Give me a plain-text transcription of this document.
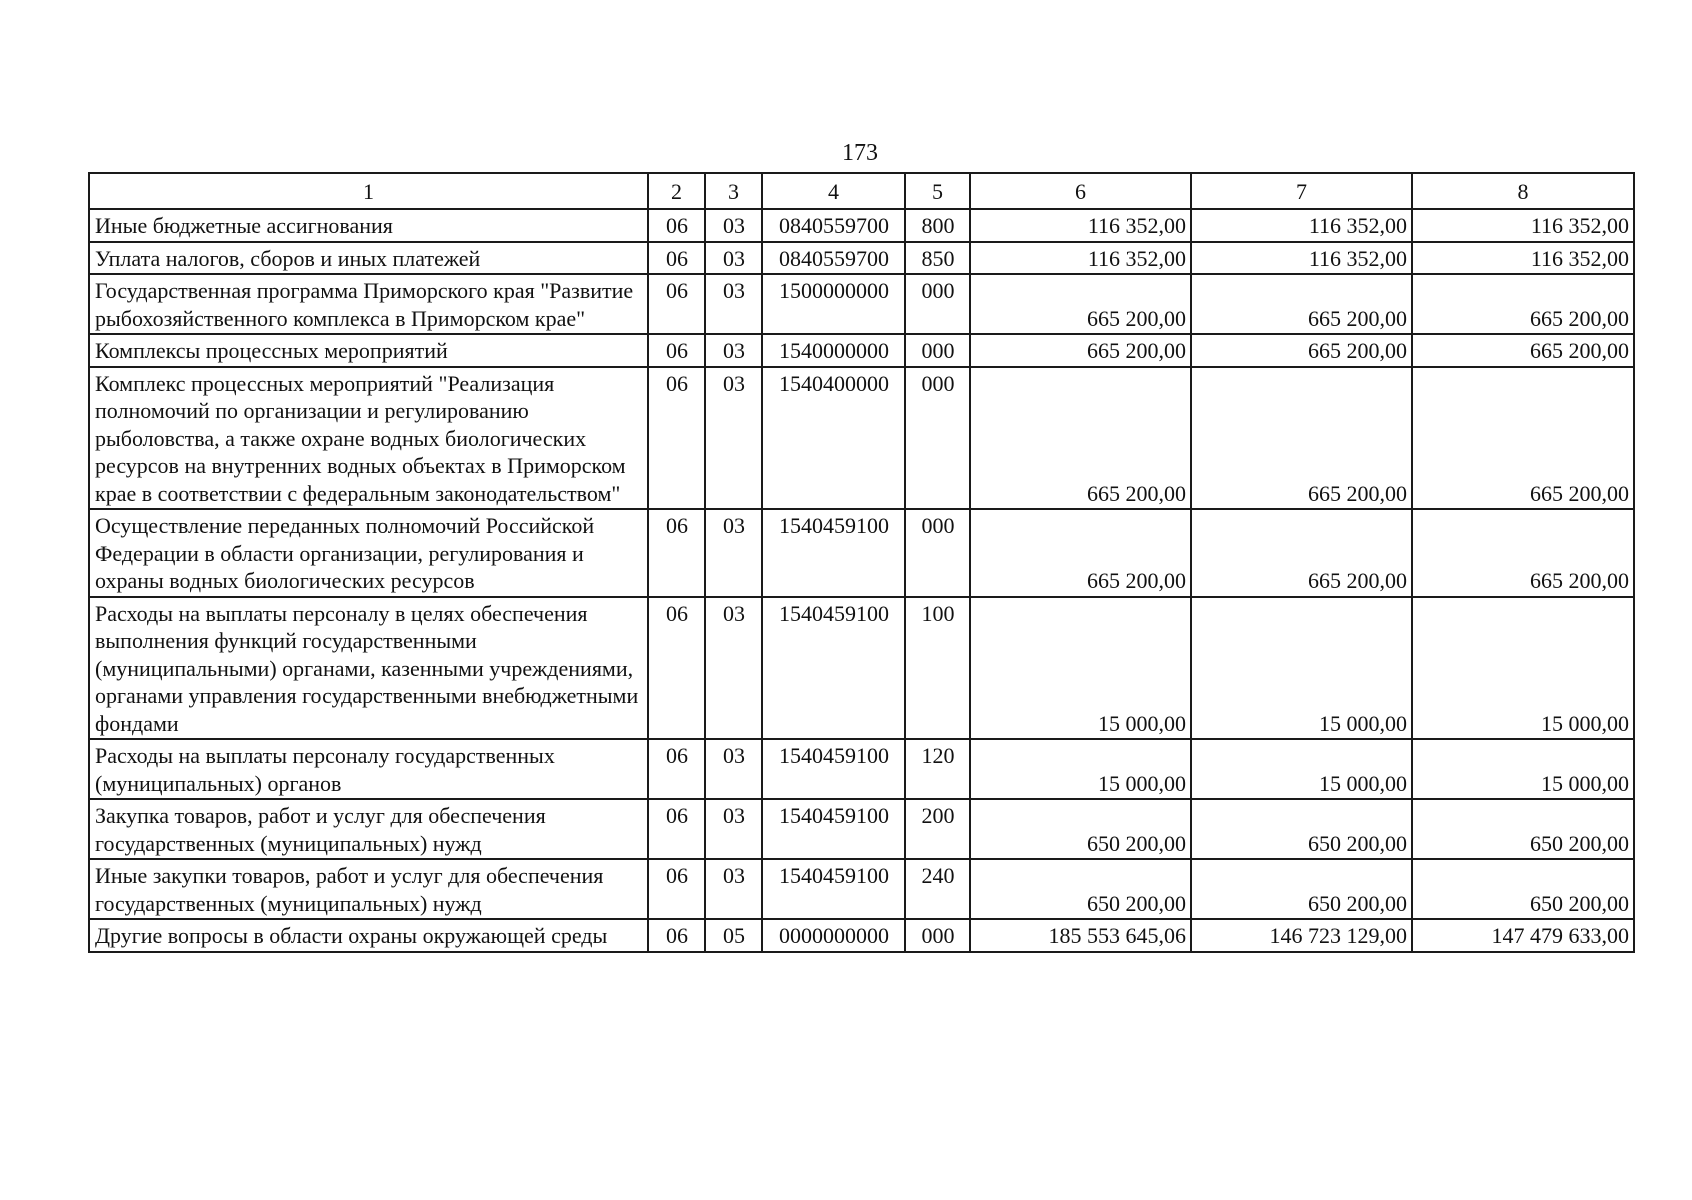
173
1	2	3	4	5	6	7	8
Иные бюджетные ассигнования	06	03	0840559700	800	116 352,00	116 352,00	116 352,00
Уплата налогов, сборов и иных платежей	06	03	0840559700	850	116 352,00	116 352,00	116 352,00
Государственная программа Приморского края "Развитие рыбохозяйственного комплекса в Приморском крае"	06	03	1500000000	000	665 200,00	665 200,00	665 200,00
Комплексы процессных мероприятий	06	03	1540000000	000	665 200,00	665 200,00	665 200,00
Комплекс процессных мероприятий "Реализация полномочий по организации и регулированию рыболовства, а также охране водных биологических ресурсов на внутренних водных объектах в Приморском крае в соответствии с федеральным законодательством"	06	03	1540400000	000	665 200,00	665 200,00	665 200,00
Осуществление переданных полномочий Российской Федерации в области организации, регулирования и охраны водных биологических ресурсов	06	03	1540459100	000	665 200,00	665 200,00	665 200,00
Расходы на выплаты персоналу в целях обеспечения выполнения функций государственными (муниципальными) органами, казенными учреждениями, органами управления государственными внебюджетными фондами	06	03	1540459100	100	15 000,00	15 000,00	15 000,00
Расходы на выплаты персоналу государственных (муниципальных) органов	06	03	1540459100	120	15 000,00	15 000,00	15 000,00
Закупка товаров, работ и услуг для обеспечения государственных (муниципальных) нужд	06	03	1540459100	200	650 200,00	650 200,00	650 200,00
Иные закупки товаров, работ и услуг для обеспечения государственных (муниципальных) нужд	06	03	1540459100	240	650 200,00	650 200,00	650 200,00
Другие вопросы в области охраны окружающей среды	06	05	0000000000	000	185 553 645,06	146 723 129,00	147 479 633,00
